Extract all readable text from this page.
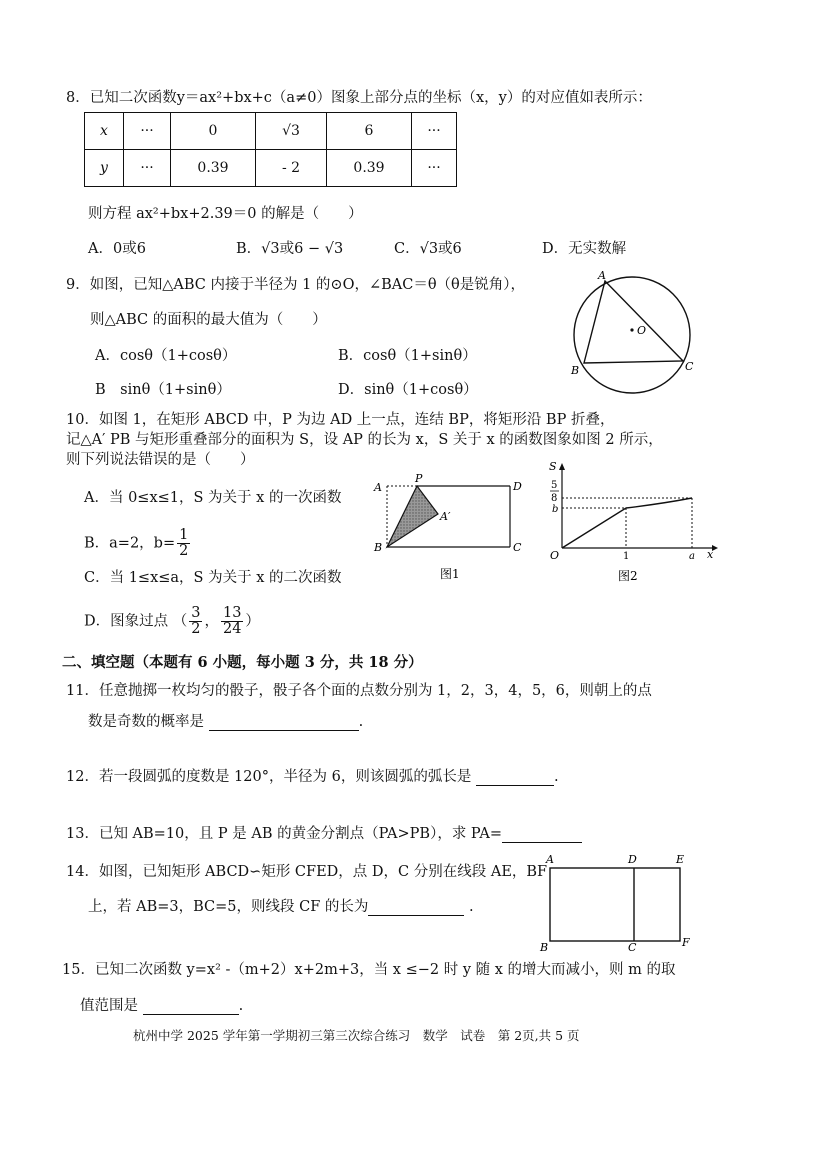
8．已知二次函数y＝ax²+bx+c（a≠0）图象上部分点的坐标（x，y）的对应值如表所示：
x	···	0	√3	6	···
y	···	0.39	- 2	0.39	···
则方程 ax²+bx+2.39＝0 的解是（　　）
A．0或6	B．√3或6 − √3	C．√3或6	D．无实数解
9．如图，已知△ABC 内接于半径为 1 的⊙O，∠BAC＝θ（θ是锐角），
则△ABC 的面积的最大值为（　　）
A．cosθ（1+cosθ）	B．cosθ（1+sinθ）
B　sinθ（1+sinθ）	D．sinθ（1+cosθ）
A
O
B	C
10．如图 1，在矩形 ABCD 中，P 为边 AD 上一点，连结 BP，将矩形沿 BP 折叠，
记△A′ PB 与矩形重叠部分的面积为 S，设 AP 的长为 x，S 关于 x 的函数图象如图 2 所示，
则下列说法错误的是（　　）
A．当 0≤x≤1，S 为关于 x 的一次函数
B．a=2，$b= \frac{1}{2}$
C．当 1≤x≤a，S 为关于 x 的二次函数
D．图象过点 （ $\frac{3}{2}$ ， $\frac{13}{24}$ ）
A
P
D
A′
B	C
图1
S
5
8
b
O	1	a x
图2
二、填空题（本题有 6 小题，每小题 3 分，共 18 分）
11．任意抛掷一枚均匀的骰子，骰子各个面的点数分别为 1，2，3，4，5，6，则朝上的点
数是奇数的概率是	.
12．若一段圆弧的度数是 120°，半径为 6，则该圆弧的弧长是	.
13．已知 AB=10，且 P 是 AB 的黄金分割点（PA>PB），求 PA=
14．如图，已知矩形 ABCD∽矩形 CFED，点 D，C 分别在线段 AE，BF
上，若 AB=3，BC=5，则线段 CF 的长为	.
A	D	E
B	C	F
15．已知二次函数 y=x² -（m+2）x+2m+3，当 x ≤−2 时 y 随 x 的增大而减小，则 m 的取
值范围是	.
杭州中学 2025 学年第一学期初三第三次综合练习　数学　试卷　第 2页,共 5 页
